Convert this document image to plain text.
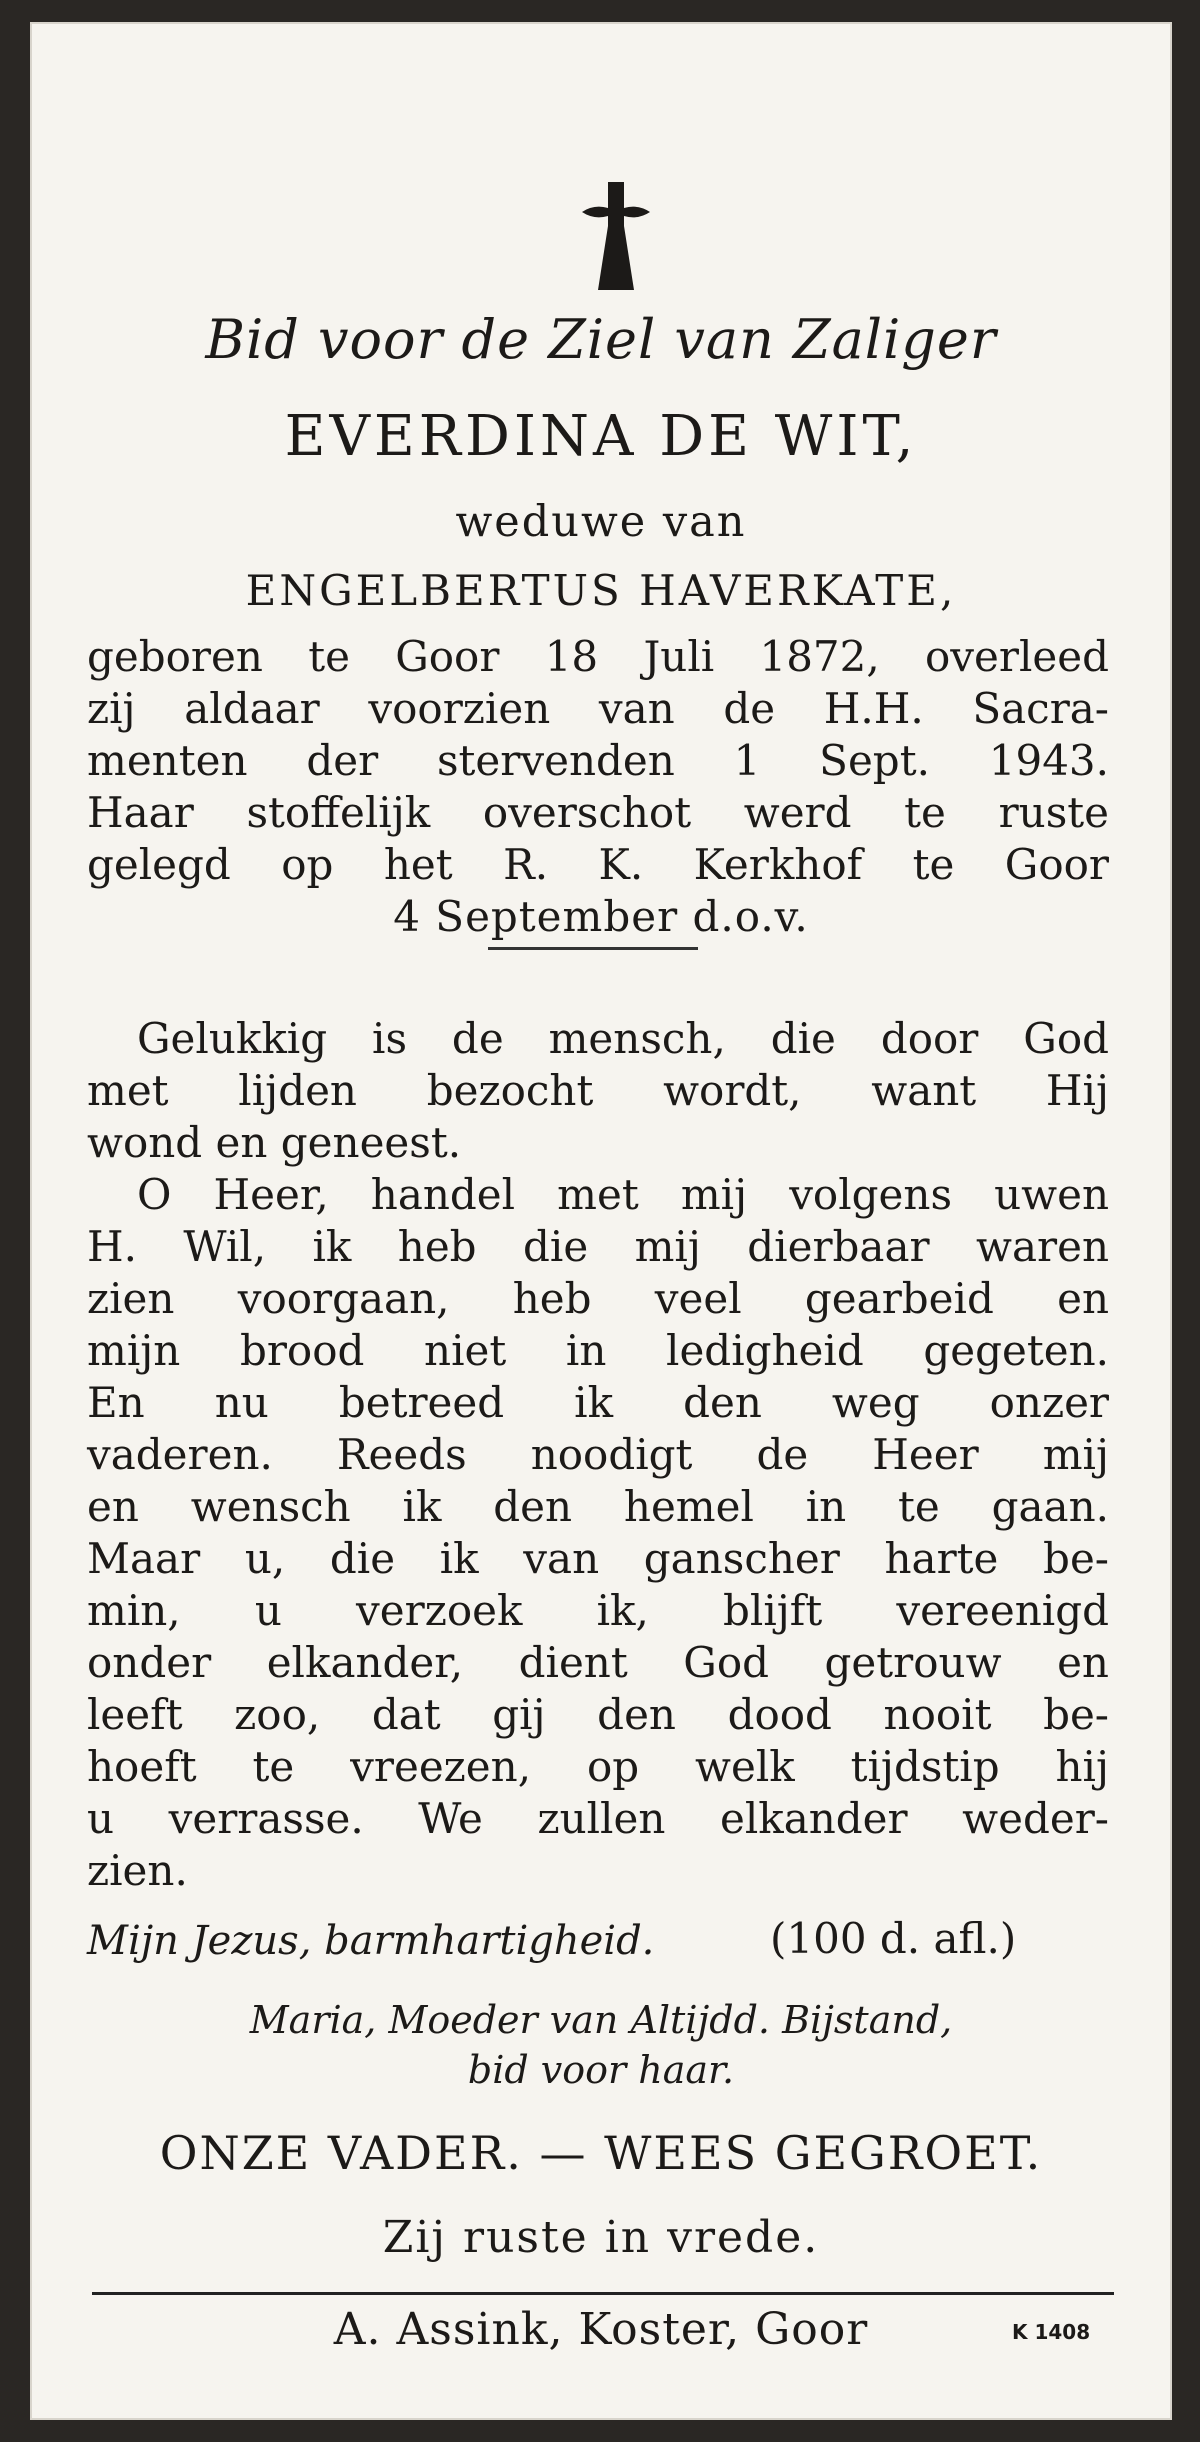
Bid voor de Ziel van Zaliger
EVERDINA DE WIT,
weduwe van
ENGELBERTUS HAVERKATE,
geboren te Goor 18 Juli 1872, overleed
zij aldaar voorzien van de H.H. Sacra-
menten der stervenden 1 Sept. 1943.
Haar stoffelijk overschot werd te ruste
gelegd op het R. K. Kerkhof te Goor
4 September d.o.v.
Gelukkig is de mensch, die door God
met lijden bezocht wordt, want Hij
wond en geneest.
O Heer, handel met mij volgens uwen
H. Wil, ik heb die mij dierbaar waren
zien voorgaan, heb veel gearbeid en
mijn brood niet in ledigheid gegeten.
En nu betreed ik den weg onzer
vaderen. Reeds noodigt de Heer mij
en wensch ik den hemel in te gaan.
Maar u, die ik van ganscher harte be-
min, u verzoek ik, blijft vereenigd
onder elkander, dient God getrouw en
leeft zoo, dat gij den dood nooit be-
hoeft te vreezen, op welk tijdstip hij
u verrasse. We zullen elkander weder-
zien.
Mijn Jezus, barmhartigheid.	(100 d. afl.)
Maria, Moeder van Altijdd. Bijstand,
bid voor haar.
ONZE VADER. — WEES GEGROET.
Zij ruste in vrede.
A. Assink, Koster, Goor	K 1408
